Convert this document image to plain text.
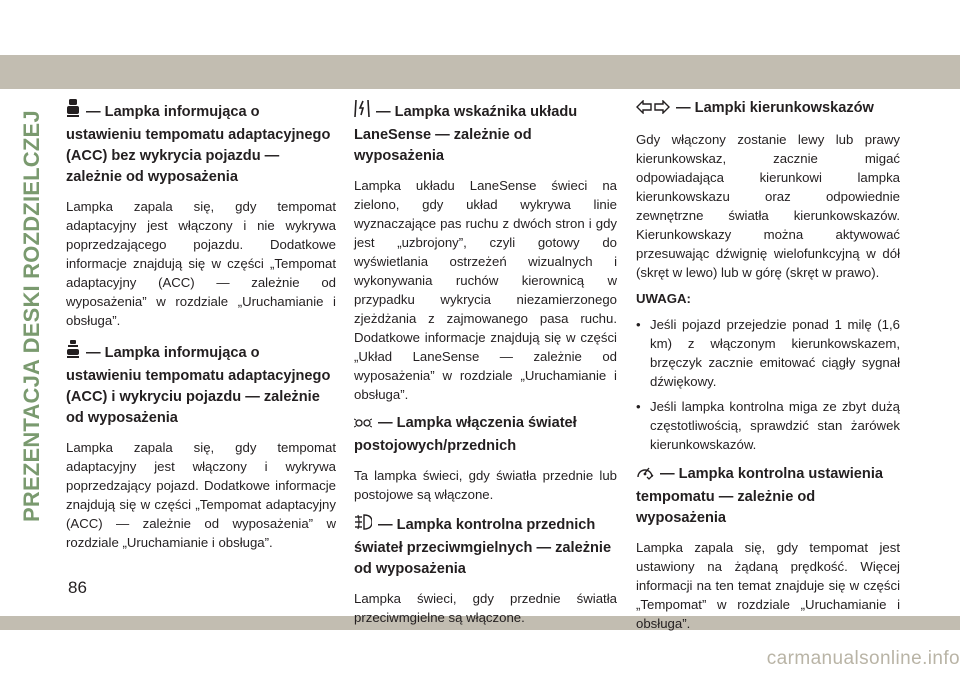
PREZENTACJA DESKI ROZDZIELCZEJ
86
— Lampka informująca o ustawieniu tempomatu adaptacyjnego (ACC) bez wykrycia pojazdu — zależnie od wyposażenia

Lampka zapala się, gdy tempomat adaptacyjny jest włączony i nie wykrywa poprzedzającego pojazdu. Dodatkowe informacje znajdują się w części „Tempomat adaptacyjny (ACC) — zależnie od wyposażenia” w rozdziale „Uruchamianie i obsługa”.

— Lampka informująca o ustawieniu tempomatu adaptacyjnego (ACC) i wykryciu pojazdu — zależnie od wyposażenia

Lampka zapala się, gdy tempomat adaptacyjny jest włączony i wykrywa poprzedzający pojazd. Dodatkowe informacje znajdują się w części „Tempomat adaptacyjny (ACC) — zależnie od wyposażenia” w rozdziale „Uruchamianie i obsługa”.

— Lampka wskaźnika układu LaneSense — zależnie od wyposażenia

Lampka układu LaneSense świeci na zielono, gdy układ wykrywa linie wyznaczające pas ruchu z dwóch stron i gdy jest „uzbrojony”, czyli gotowy do wyświetlania ostrzeżeń wizualnych i wykonywania ruchów kierownicą w przypadku wykrycia niezamierzonego zjeżdżania z zajmowanego pasa ruchu. Dodatkowe informacje znajdują się w części „Układ LaneSense — zależnie od wyposażenia” w rozdziale „Uruchamianie i obsługa”.

— Lampka włączenia świateł postojowych/przednich

Ta lampka świeci, gdy światła przednie lub postojowe są włączone.

— Lampka kontrolna przednich świateł przeciwmgielnych — zależnie od wyposażenia

Lampka świeci, gdy przednie światła przeciwmgielne są włączone.

— Lampki kierunkowskazów

Gdy włączony zostanie lewy lub prawy kierunkowskaz, zacznie migać odpowiadająca kierunkowi lampka kierunkowskazu oraz odpowiednie zewnętrzne światła kierunkowskazów. Kierunkowskazy można aktywować przesuwając dźwignię wielofunkcyjną w dół (skręt w lewo) lub w górę (skręt w prawo).

UWAGA:
• Jeśli pojazd przejedzie ponad 1 milę (1,6 km) z włączonym kierunkowskazem, brzęczyk zacznie emitować ciągły sygnał dźwiękowy.
• Jeśli lampka kontrolna miga ze zbyt dużą częstotliwością, sprawdzić stan żarówek kierunkowskazów.
— Lampka kontrolna ustawienia tempomatu — zależnie od wyposażenia

Lampka zapala się, gdy tempomat jest ustawiony na żądaną prędkość. Więcej informacji na ten temat znajduje się w części „Tempomat” w rozdziale „Uruchamianie i obsługa”.

carmanualsonline.info
